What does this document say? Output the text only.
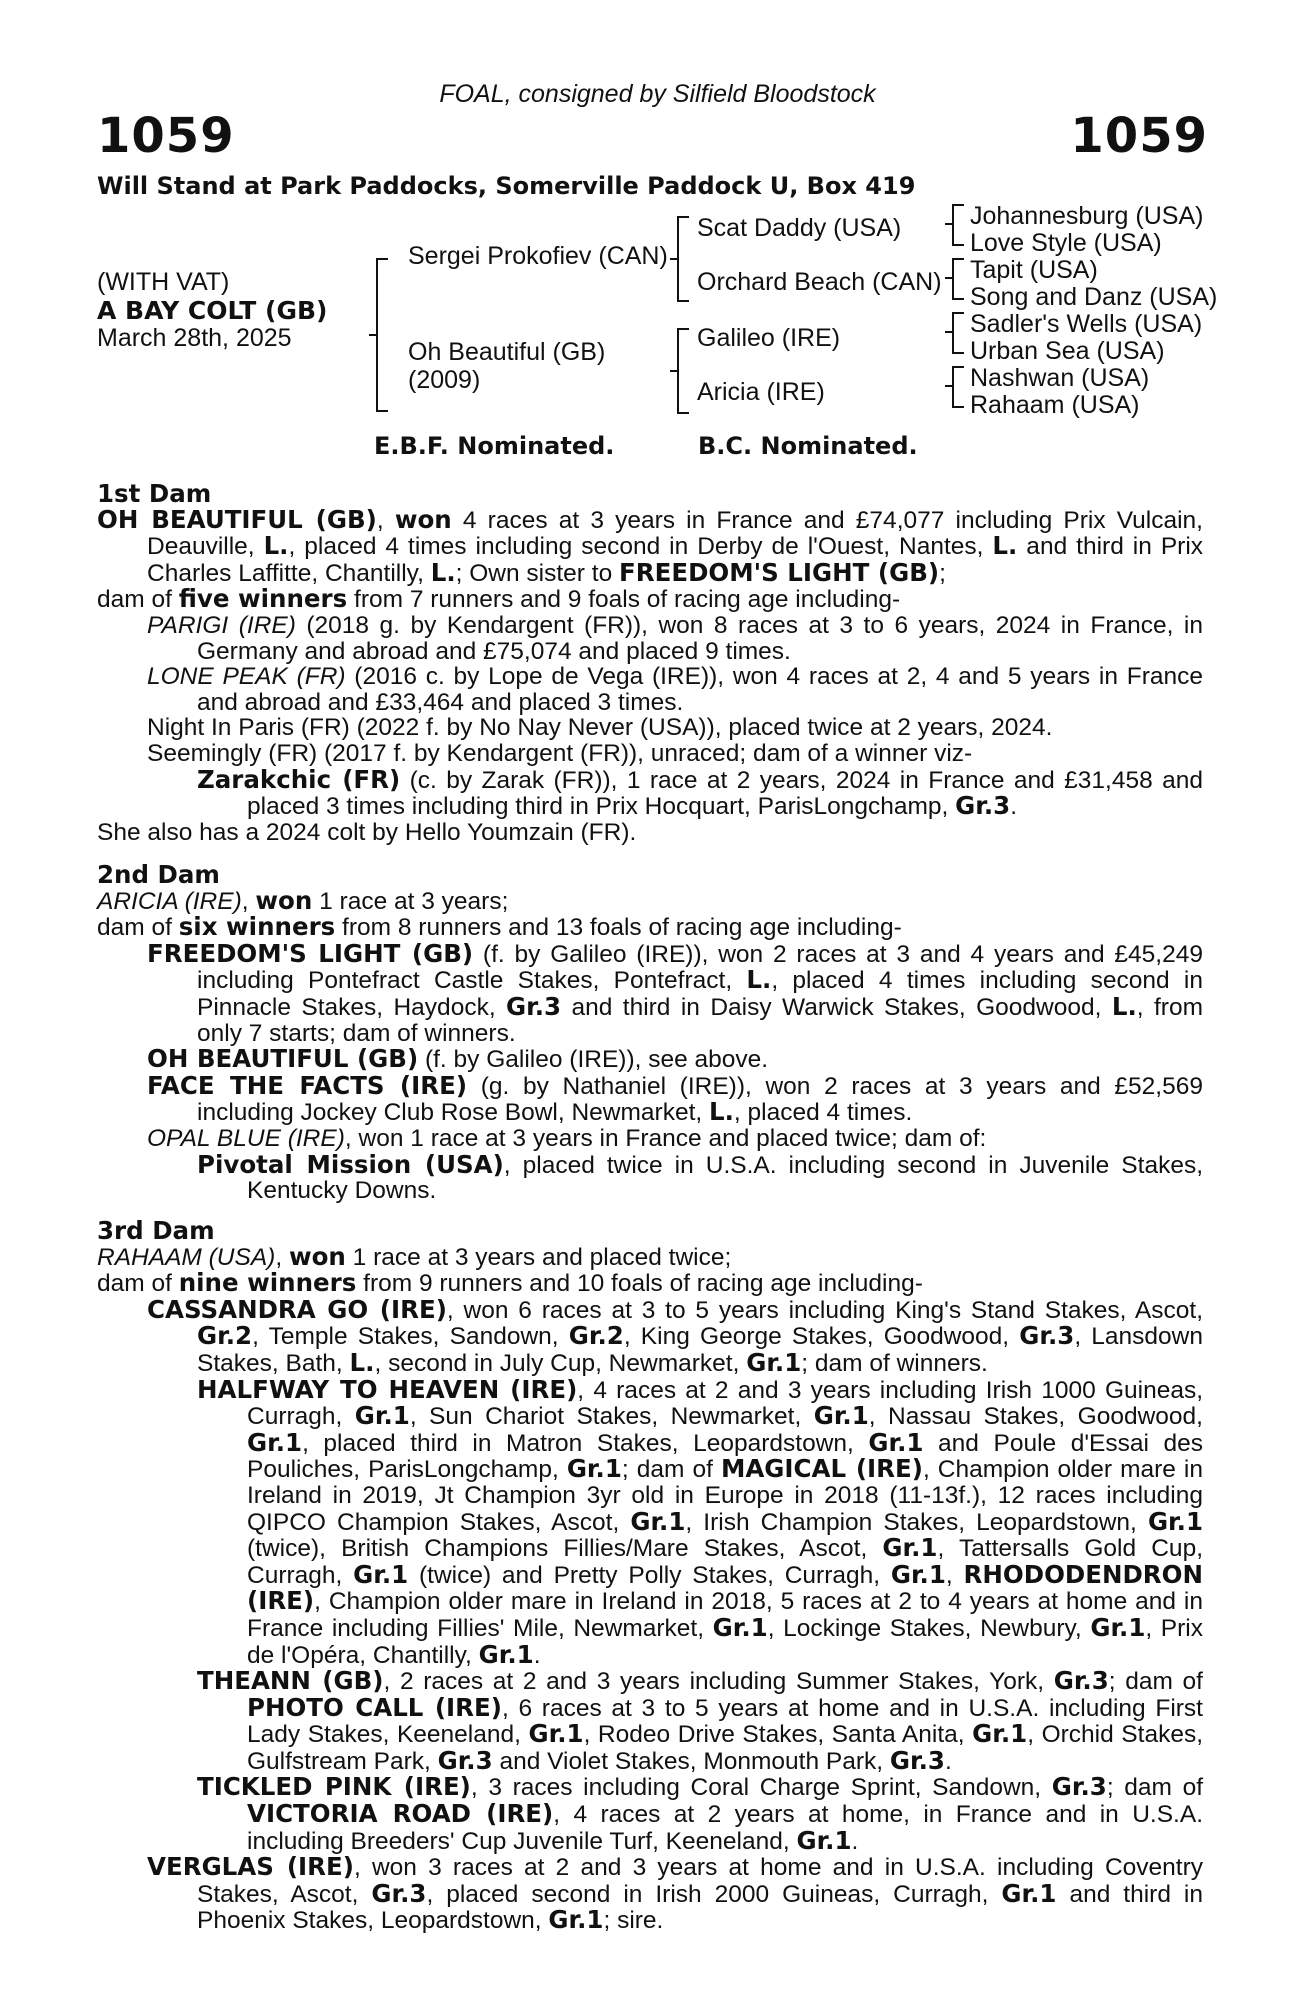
FOAL, consigned by Silfield Bloodstock
1059	1059
Will Stand at Park Paddocks, Somerville Paddock U, Box 419
(WITH VAT)
A BAY COLT (GB)
March 28th, 2025
Sergei Prokofiev (CAN)
Oh Beautiful (GB)
(2009)
Scat Daddy (USA)
Orchard Beach (CAN)
Galileo (IRE)
Aricia (IRE)
Johannesburg (USA)
Love Style (USA)
Tapit (USA)
Song and Danz (USA)
Sadler's Wells (USA)
Urban Sea (USA)
Nashwan (USA)
Rahaam (USA)
E.B.F. Nominated.	B.C. Nominated.

1st Dam

OH BEAUTIFUL (GB), won 4 races at 3 years in France and £74,077 including Prix Vulcain, Deauville, L., placed 4 times including second in Derby de l'Ouest, Nantes, L. and third in Prix Charles Laffitte, Chantilly, L.; Own sister to FREEDOM'S LIGHT (GB);

dam of five winners from 7 runners and 9 foals of racing age including-

PARIGI (IRE) (2018 g. by Kendargent (FR)), won 8 races at 3 to 6 years, 2024 in France, in Germany and abroad and £75,074 and placed 9 times.

LONE PEAK (FR) (2016 c. by Lope de Vega (IRE)), won 4 races at 2, 4 and 5 years in France and abroad and £33,464 and placed 3 times.

Night In Paris (FR) (2022 f. by No Nay Never (USA)), placed twice at 2 years, 2024.

Seemingly (FR) (2017 f. by Kendargent (FR)), unraced; dam of a winner viz-

Zarakchic (FR) (c. by Zarak (FR)), 1 race at 2 years, 2024 in France and £31,458 and placed 3 times including third in Prix Hocquart, ParisLongchamp, Gr.3.

She also has a 2024 colt by Hello Youmzain (FR).

2nd Dam

ARICIA (IRE), won 1 race at 3 years;

dam of six winners from 8 runners and 13 foals of racing age including-

FREEDOM'S LIGHT (GB) (f. by Galileo (IRE)), won 2 races at 3 and 4 years and £45,249 including Pontefract Castle Stakes, Pontefract, L., placed 4 times including second in Pinnacle Stakes, Haydock, Gr.3 and third in Daisy Warwick Stakes, Goodwood, L., from only 7 starts; dam of winners.

OH BEAUTIFUL (GB) (f. by Galileo (IRE)), see above.

FACE THE FACTS (IRE) (g. by Nathaniel (IRE)), won 2 races at 3 years and £52,569 including Jockey Club Rose Bowl, Newmarket, L., placed 4 times.

OPAL BLUE (IRE), won 1 race at 3 years in France and placed twice; dam of:

Pivotal Mission (USA), placed twice in U.S.A. including second in Juvenile Stakes, Kentucky Downs.

3rd Dam

RAHAAM (USA), won 1 race at 3 years and placed twice;

dam of nine winners from 9 runners and 10 foals of racing age including-

CASSANDRA GO (IRE), won 6 races at 3 to 5 years including King's Stand Stakes, Ascot, Gr.2, Temple Stakes, Sandown, Gr.2, King George Stakes, Goodwood, Gr.3, Lansdown Stakes, Bath, L., second in July Cup, Newmarket, Gr.1; dam of winners.

HALFWAY TO HEAVEN (IRE), 4 races at 2 and 3 years including Irish 1000 Guineas, Curragh, Gr.1, Sun Chariot Stakes, Newmarket, Gr.1, Nassau Stakes, Goodwood, Gr.1, placed third in Matron Stakes, Leopardstown, Gr.1 and Poule d'Essai des Pouliches, ParisLongchamp, Gr.1; dam of MAGICAL (IRE), Champion older mare in Ireland in 2019, Jt Champion 3yr old in Europe in 2018 (11-13f.), 12 races including QIPCO Champion Stakes, Ascot, Gr.1, Irish Champion Stakes, Leopardstown, Gr.1 (twice), British Champions Fillies/Mare Stakes, Ascot, Gr.1, Tattersalls Gold Cup, Curragh, Gr.1 (twice) and Pretty Polly Stakes, Curragh, Gr.1, RHODODENDRON (IRE), Champion older mare in Ireland in 2018, 5 races at 2 to 4 years at home and in France including Fillies' Mile, Newmarket, Gr.1, Lockinge Stakes, Newbury, Gr.1, Prix de l'Opéra, Chantilly, Gr.1.

THEANN (GB), 2 races at 2 and 3 years including Summer Stakes, York, Gr.3; dam of PHOTO CALL (IRE), 6 races at 3 to 5 years at home and in U.S.A. including First Lady Stakes, Keeneland, Gr.1, Rodeo Drive Stakes, Santa Anita, Gr.1, Orchid Stakes, Gulfstream Park, Gr.3 and Violet Stakes, Monmouth Park, Gr.3.

TICKLED PINK (IRE), 3 races including Coral Charge Sprint, Sandown, Gr.3; dam of VICTORIA ROAD (IRE), 4 races at 2 years at home, in France and in U.S.A. including Breeders' Cup Juvenile Turf, Keeneland, Gr.1.

VERGLAS (IRE), won 3 races at 2 and 3 years at home and in U.S.A. including Coventry Stakes, Ascot, Gr.3, placed second in Irish 2000 Guineas, Curragh, Gr.1 and third in Phoenix Stakes, Leopardstown, Gr.1; sire.
